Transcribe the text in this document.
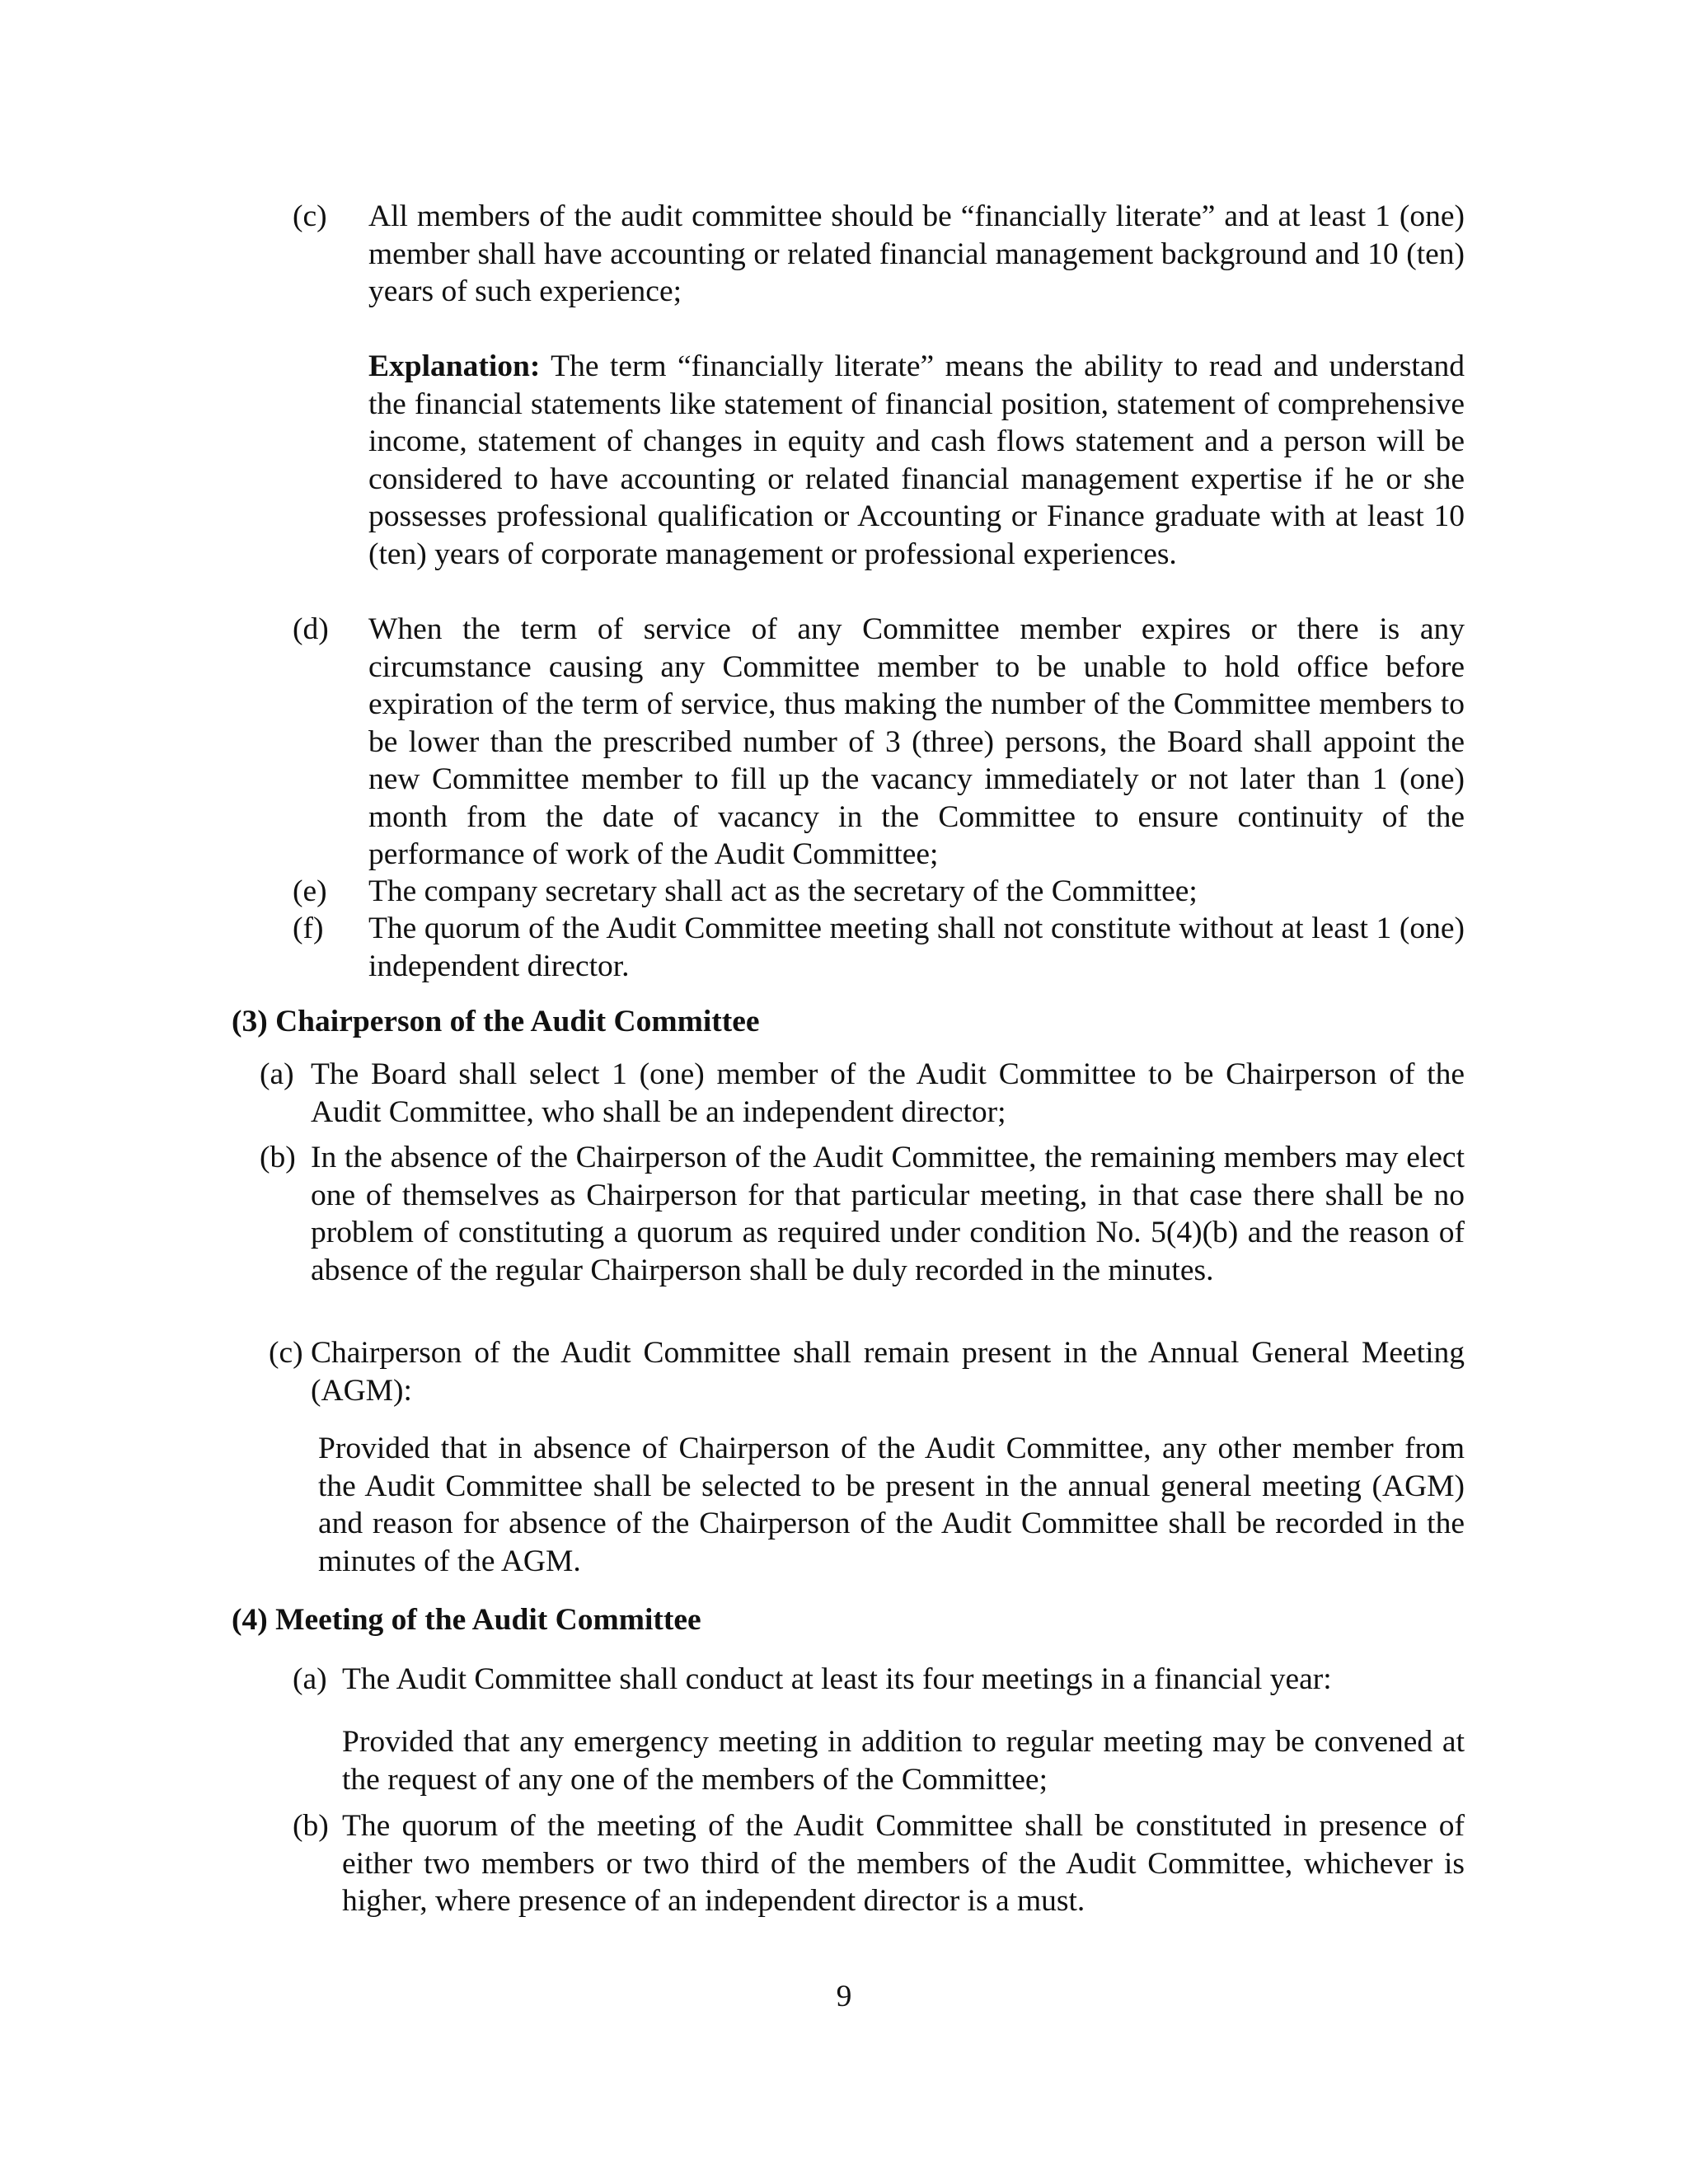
(c) All members of the audit committee should be “financially literate” and at least 1 (one) member shall have accounting or related financial management background and 10 (ten) years of such experience;
Explanation: The term “financially literate” means the ability to read and understand the financial statements like statement of financial position, statement of comprehensive income, statement of changes in equity and cash flows statement and a person will be considered to have accounting or related financial management expertise if he or she possesses professional qualification or Accounting or Finance graduate with at least 10 (ten) years of corporate management or professional experiences.
(d) When the term of service of any Committee member expires or there is any circumstance causing any Committee member to be unable to hold office before expiration of the term of service, thus making the number of the Committee members to be lower than the prescribed number of 3 (three) persons, the Board shall appoint the new Committee member to fill up the vacancy immediately or not later than 1 (one) month from the date of vacancy in the Committee to ensure continuity of the performance of work of the Audit Committee;
(e) The company secretary shall act as the secretary of the Committee;
(f) The quorum of the Audit Committee meeting shall not constitute without at least 1 (one) independent director.
(3) Chairperson of the Audit Committee
(a) The Board shall select 1 (one) member of the Audit Committee to be Chairperson of the Audit Committee, who shall be an independent director;
(b) In the absence of the Chairperson of the Audit Committee, the remaining members may elect one of themselves as Chairperson for that particular meeting, in that case there shall be no problem of constituting a quorum as required under condition No. 5(4)(b) and the reason of absence of the regular Chairperson shall be duly recorded in the minutes.
(c) Chairperson of the Audit Committee shall remain present in the Annual General Meeting (AGM):
Provided that in absence of Chairperson of the Audit Committee, any other member from the Audit Committee shall be selected to be present in the annual general meeting (AGM) and reason for absence of the Chairperson of the Audit Committee shall be recorded in the minutes of the AGM.
(4) Meeting of the Audit Committee
(a) The Audit Committee shall conduct at least its four meetings in a financial year:
Provided that any emergency meeting in addition to regular meeting may be convened at the request of any one of the members of the Committee;
(b) The quorum of the meeting of the Audit Committee shall be constituted in presence of either two members or two third of the members of the Audit Committee, whichever is higher, where presence of an independent director is a must.
9
